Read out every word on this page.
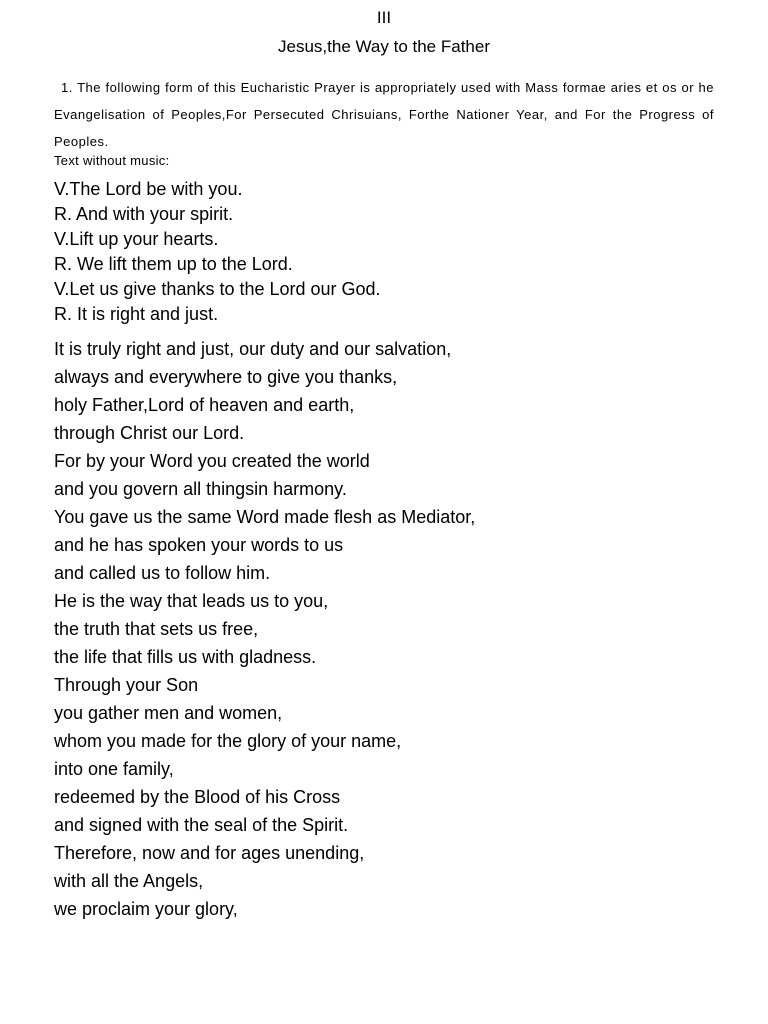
III
Jesus,the Way to the Father
1. The following form of this Eucharistic Prayer is appropriately used with Mass formae aries et os or he Evangelisation of Peoples,For Persecuted Chrisuians, Forthe Nationer Year, and For the Progress of Peoples.
Text without music:
V.The Lord be with you.
R. And with your spirit.
V.Lift up your hearts.
R. We lift them up to the Lord.
V.Let us give thanks to the Lord our God.
R. It is right and just.
It is truly right and just, our duty and our salvation,
always and everywhere to give you thanks,
holy Father,Lord of heaven and earth,
through Christ our Lord.
For by your Word you created the world
and you govern all thingsin harmony.
You gave us the same Word made flesh as Mediator,
and he has spoken your words to us
and called us to follow him.
He is the way that leads us to you,
the truth that sets us free,
the life that fills us with gladness.
Through your Son
you gather men and women,
whom you made for the glory of your name,
into one family,
redeemed by the Blood of his Cross
and signed with the seal of the Spirit.
Therefore, now and for ages unending,
with all the Angels,
we proclaim your glory,
